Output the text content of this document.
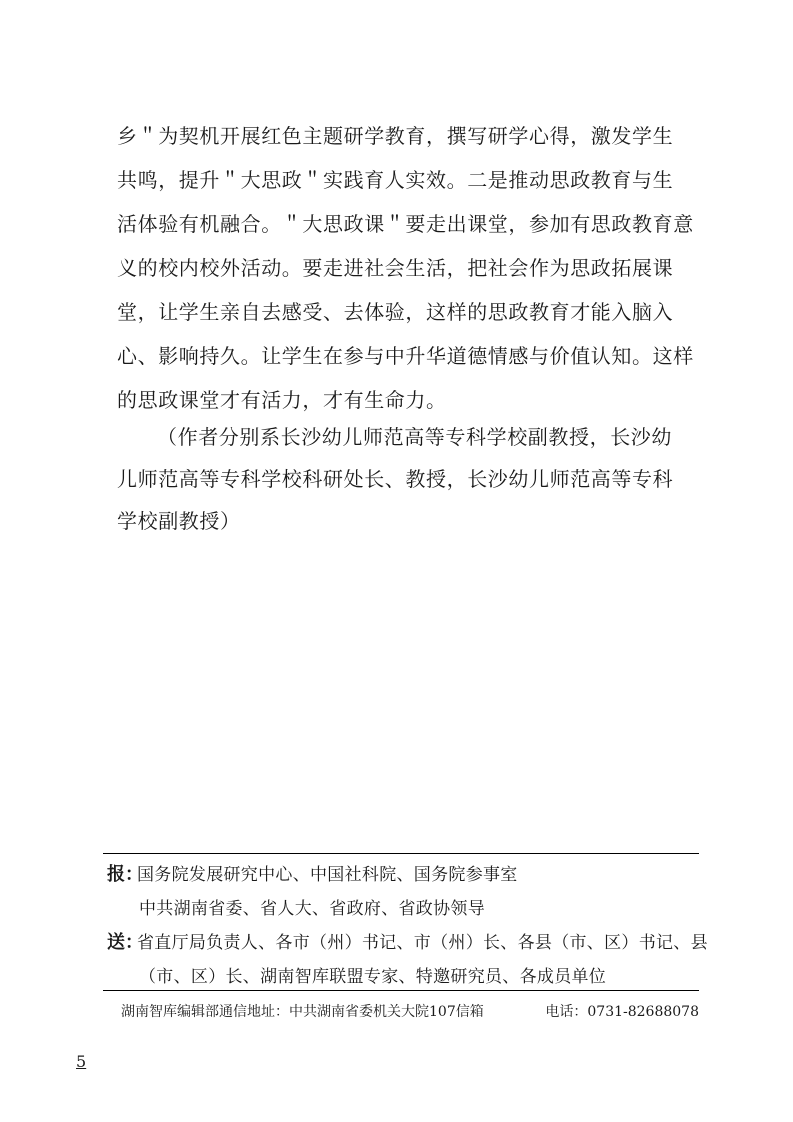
乡＂为契机开展红色主题研学教育，撰写研学心得，激发学生
共鸣，提升＂大思政＂实践育人实效。二是推动思政教育与生
活体验有机融合。＂大思政课＂要走出课堂，参加有思政教育意
义的校内校外活动。要走进社会生活，把社会作为思政拓展课
堂，让学生亲自去感受、去体验，这样的思政教育才能入脑入
心、影响持久。让学生在参与中升华道德情感与价值认知。这样
的思政课堂才有活力，才有生命力。
（作者分别系长沙幼儿师范高等专科学校副教授，长沙幼
儿师范高等专科学校科研处长、教授，长沙幼儿师范高等专科
学校副教授）
报：
国务院发展研究中心、中国社科院、国务院参事室
中共湖南省委、省人大、省政府、省政协领导
送：
省直厅局负责人、各市（州）书记、市（州）长、各县（市、区）书记、县
（市、区）长、湖南智库联盟专家、特邀研究员、各成员单位
湖南智库编辑部通信地址：中共湖南省委机关大院107信箱	电话：0731-82688078
5
